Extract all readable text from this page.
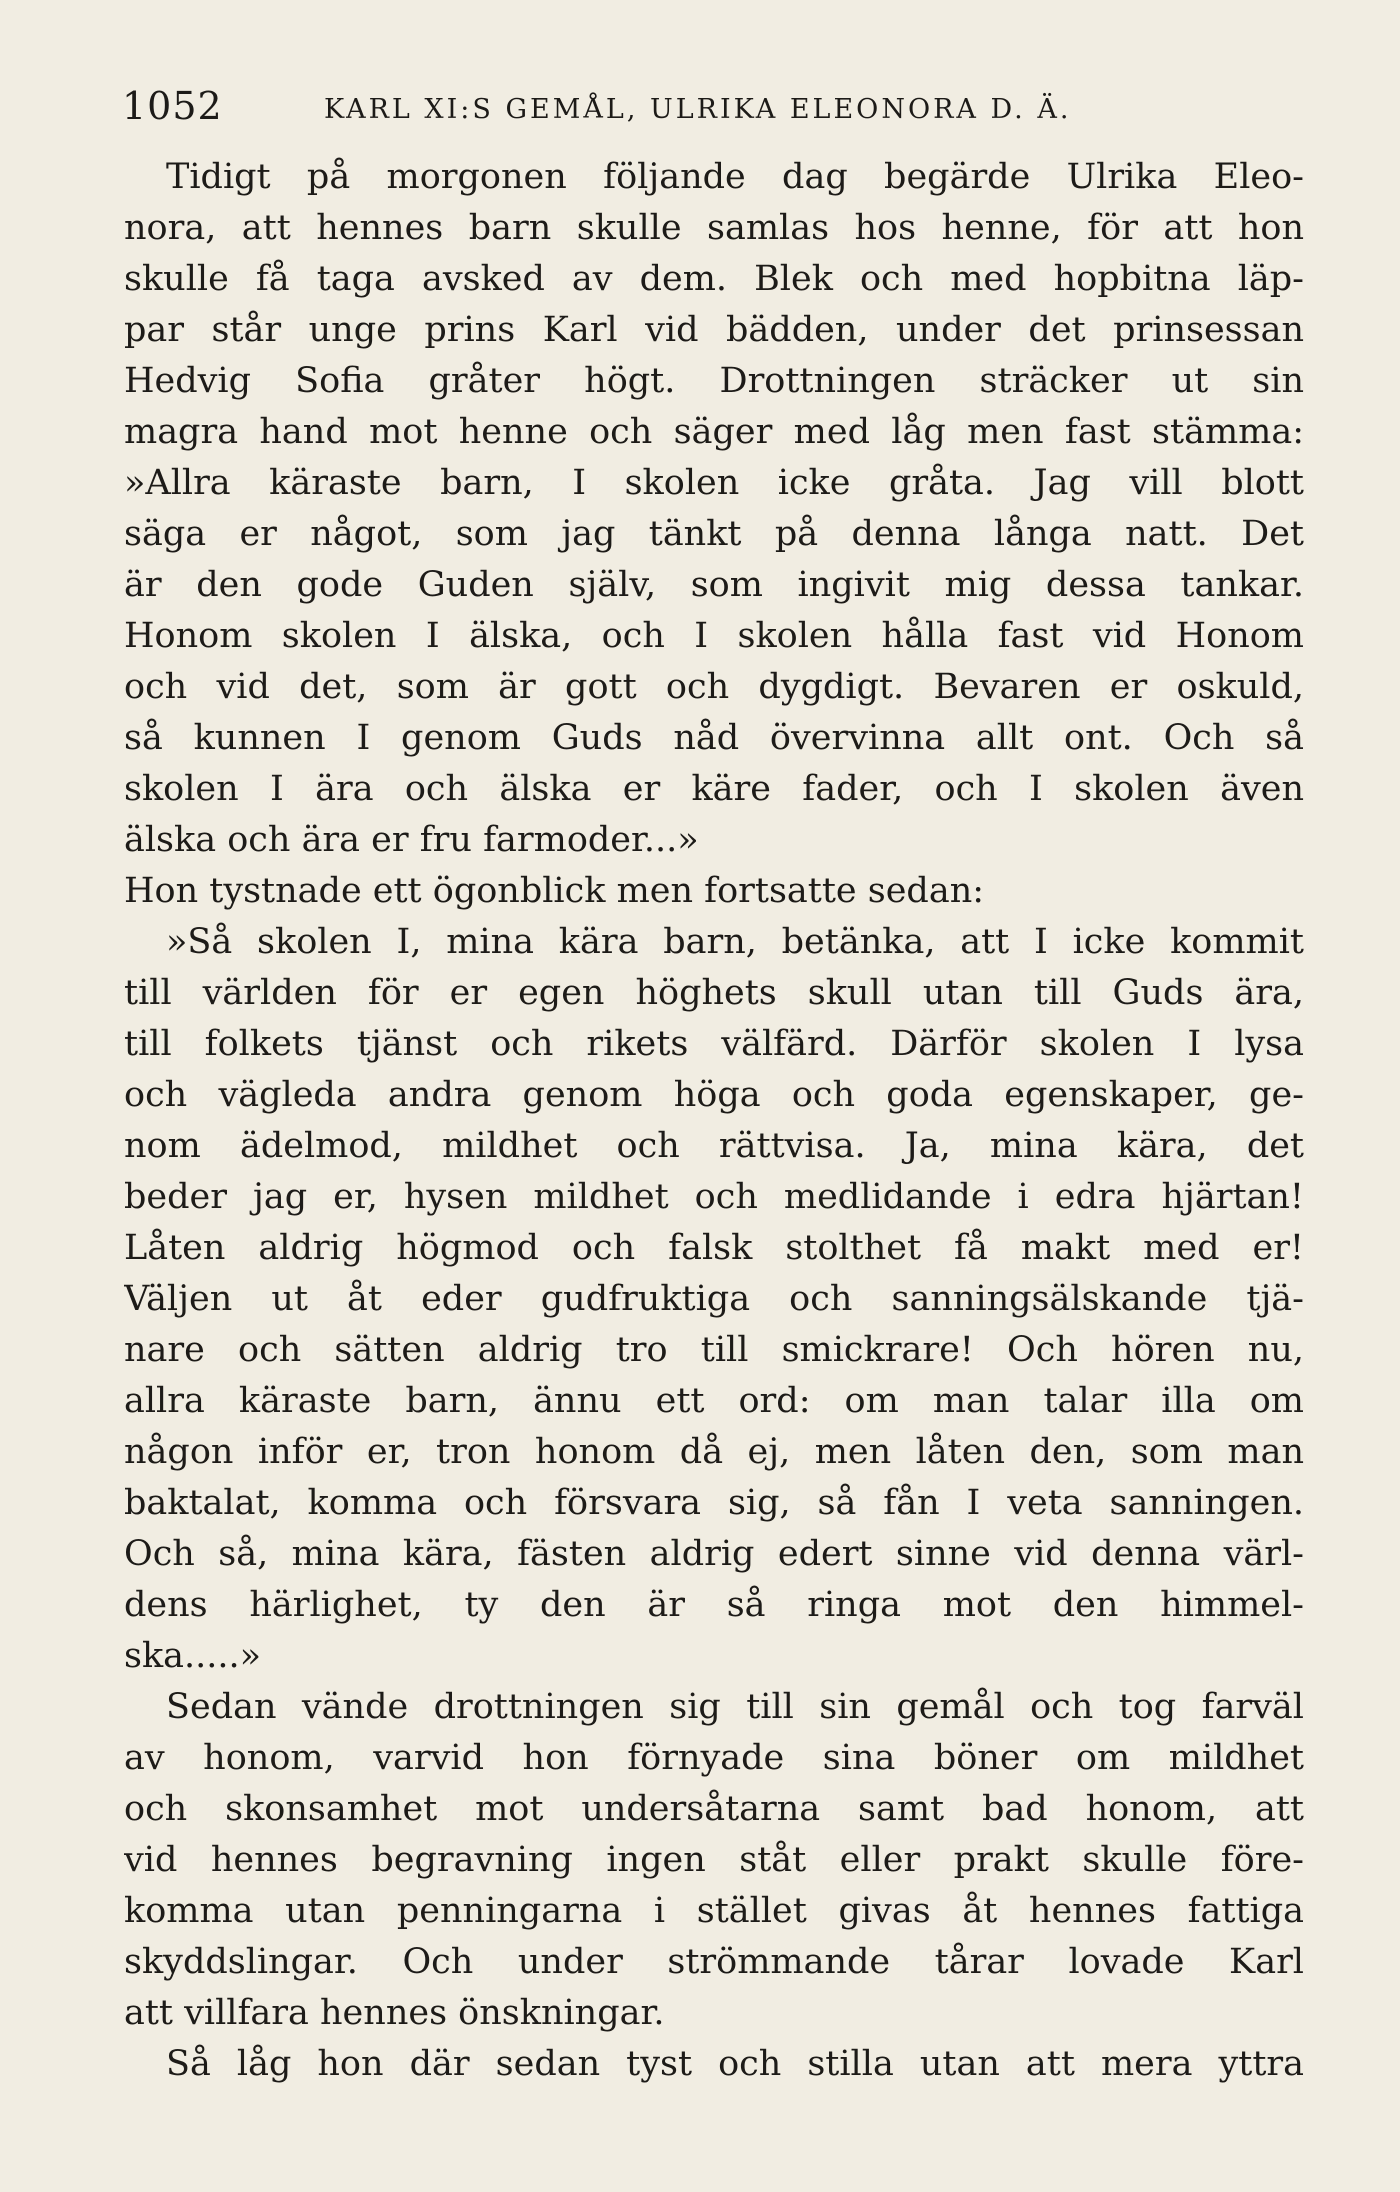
1052	KARL XI:S GEMÅL, ULRIKA ELEONORA D. Ä.
Tidigt på morgonen följande dag begärde Ulrika Eleo-
nora, att hennes barn skulle samlas hos henne, för att hon
skulle få taga avsked av dem. Blek och med hopbitna läp-
par står unge prins Karl vid bädden, under det prinsessan
Hedvig Sofia gråter högt. Drottningen sträcker ut sin
magra hand mot henne och säger med låg men fast stämma:
»Allra käraste barn, I skolen icke gråta. Jag vill blott
säga er något, som jag tänkt på denna långa natt. Det
är den gode Guden själv, som ingivit mig dessa tankar.
Honom skolen I älska, och I skolen hålla fast vid Honom
och vid det, som är gott och dygdigt. Bevaren er oskuld,
så kunnen I genom Guds nåd övervinna allt ont. Och så
skolen I ära och älska er käre fader, och I skolen även
älska och ära er fru farmoder...»
Hon tystnade ett ögonblick men fortsatte sedan:
»Så skolen I, mina kära barn, betänka, att I icke kommit
till världen för er egen höghets skull utan till Guds ära,
till folkets tjänst och rikets välfärd. Därför skolen I lysa
och vägleda andra genom höga och goda egenskaper, ge-
nom ädelmod, mildhet och rättvisa. Ja, mina kära, det
beder jag er, hysen mildhet och medlidande i edra hjärtan!
Låten aldrig högmod och falsk stolthet få makt med er!
Väljen ut åt eder gudfruktiga och sanningsälskande tjä-
nare och sätten aldrig tro till smickrare! Och hören nu,
allra käraste barn, ännu ett ord: om man talar illa om
någon inför er, tron honom då ej, men låten den, som man
baktalat, komma och försvara sig, så fån I veta sanningen.
Och så, mina kära, fästen aldrig edert sinne vid denna värl-
dens härlighet, ty den är så ringa mot den himmel-
ska.....»
Sedan vände drottningen sig till sin gemål och tog farväl
av honom, varvid hon förnyade sina böner om mildhet
och skonsamhet mot undersåtarna samt bad honom, att
vid hennes begravning ingen ståt eller prakt skulle före-
komma utan penningarna i stället givas åt hennes fattiga
skyddslingar. Och under strömmande tårar lovade Karl
att villfara hennes önskningar.
Så låg hon där sedan tyst och stilla utan att mera yttra
